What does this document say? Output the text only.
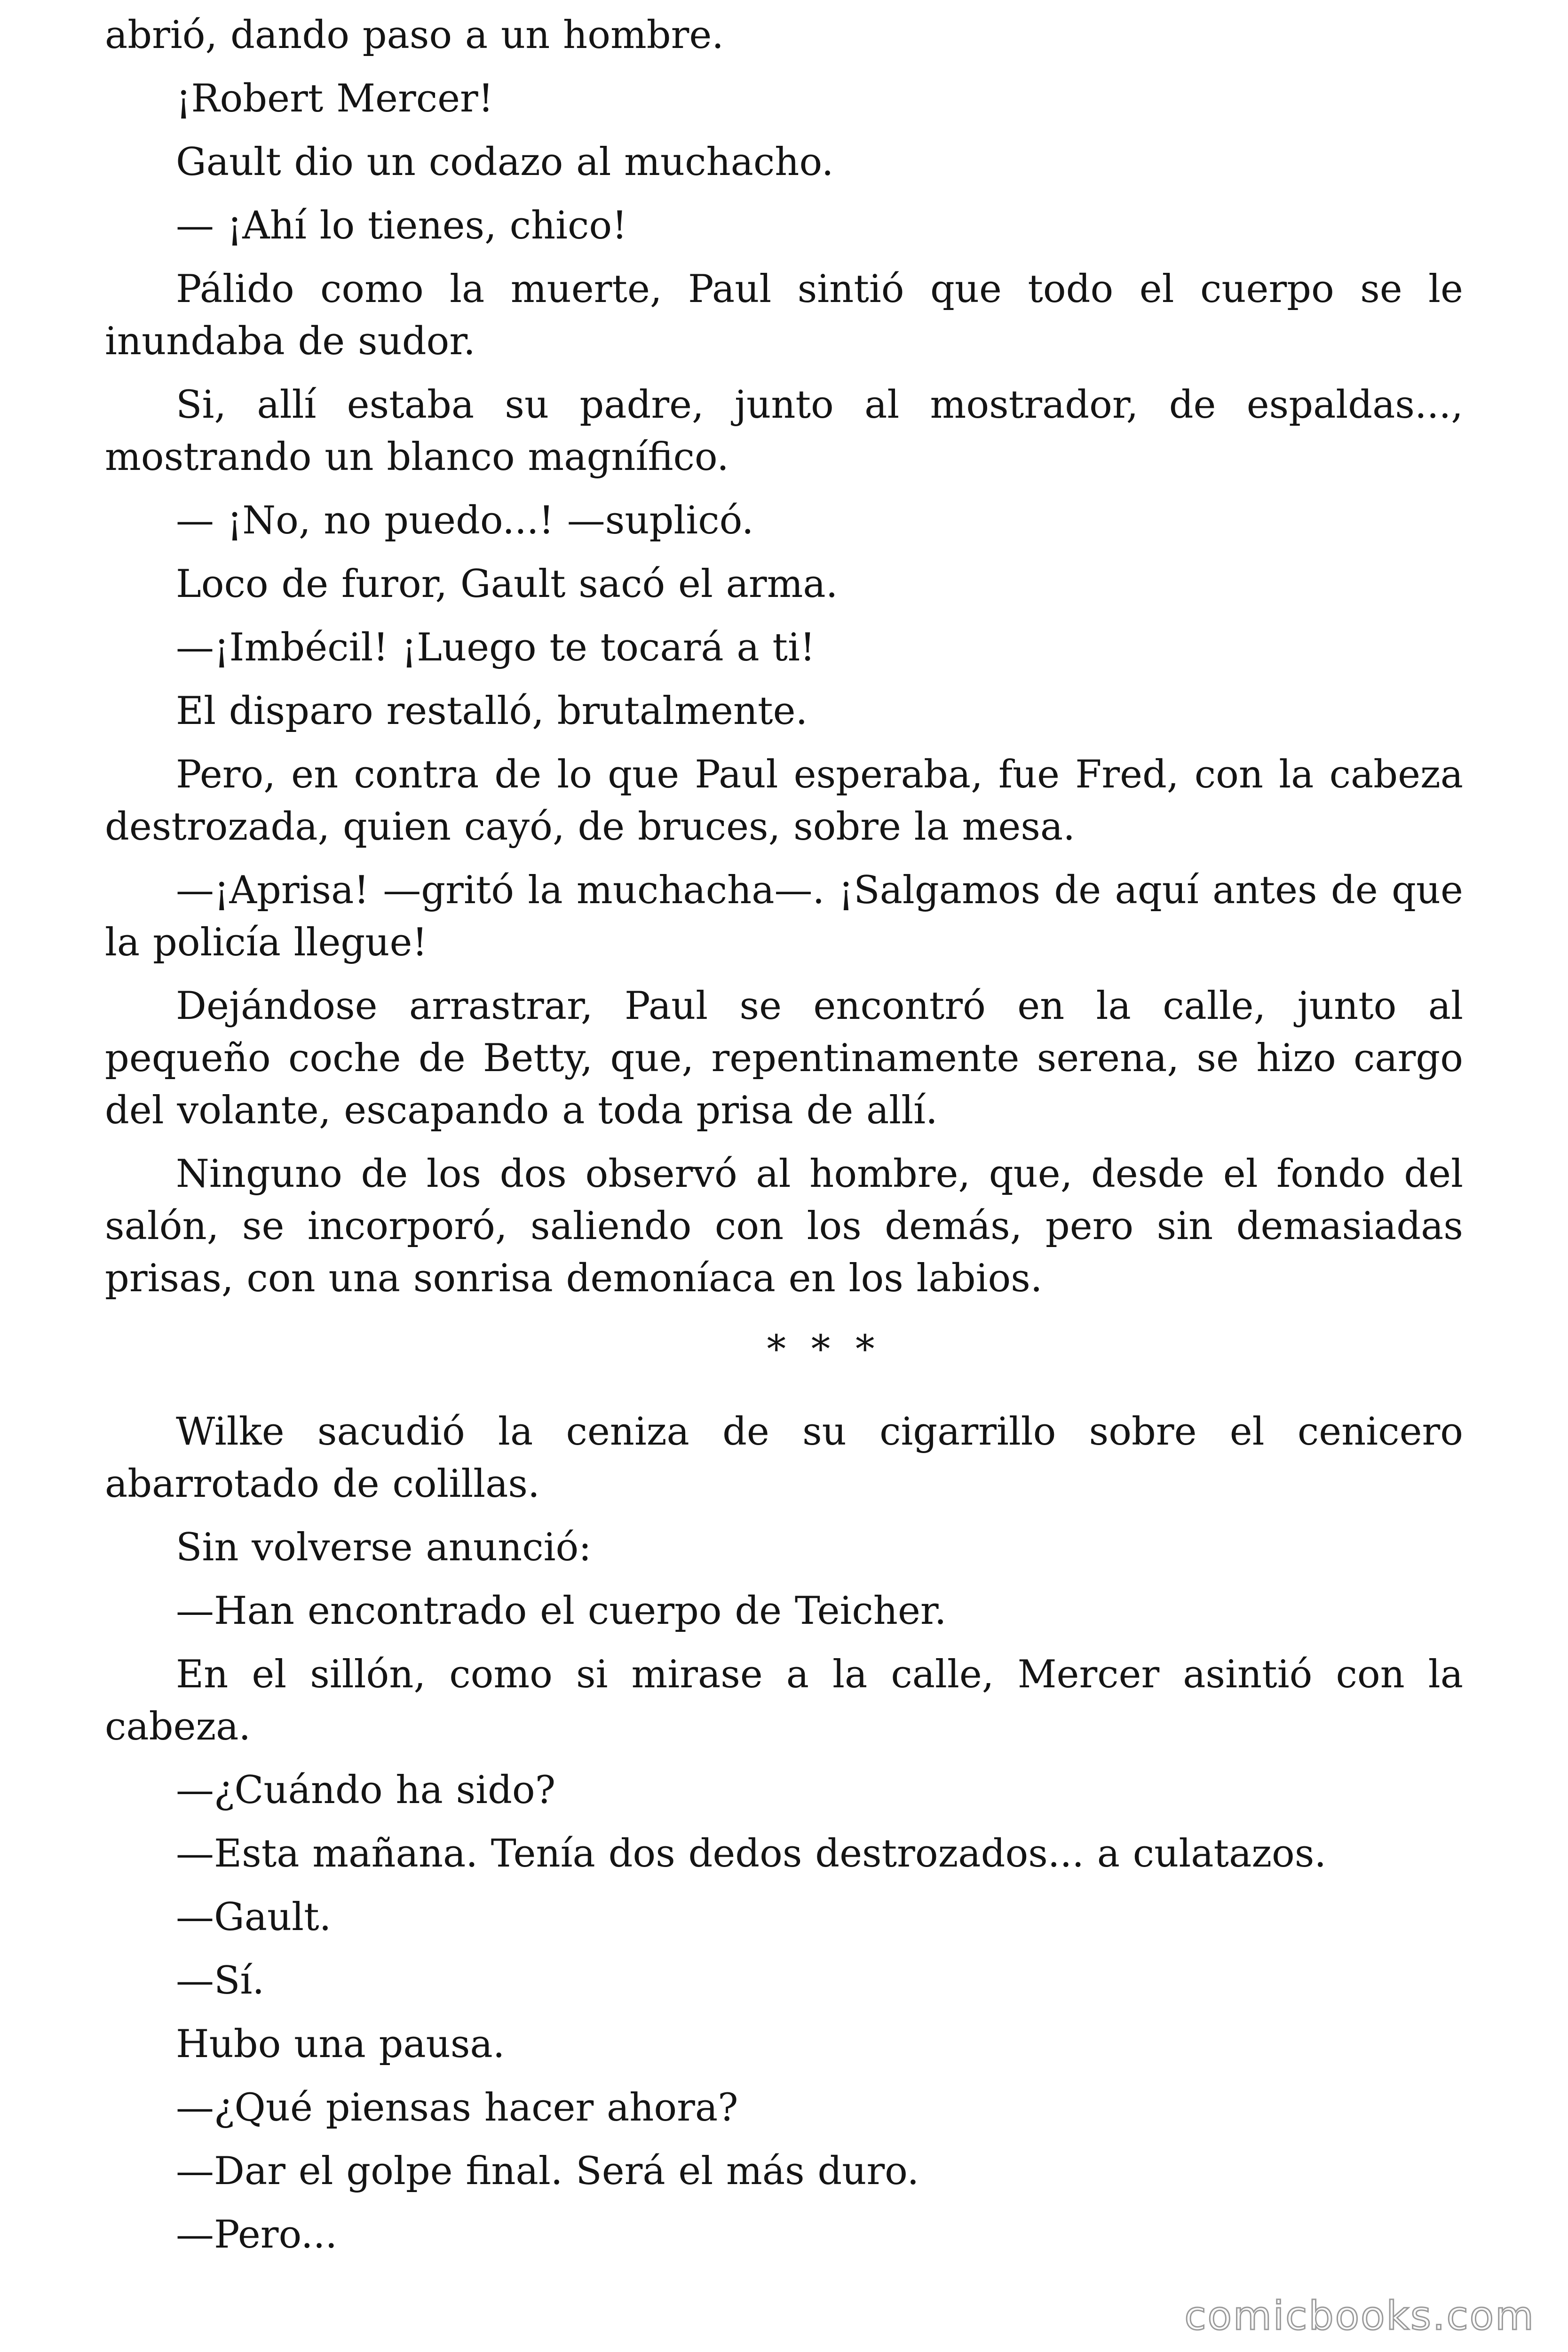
abrió, dando paso a un hombre.

¡Robert Mercer!

Gault dio un codazo al muchacho.

— ¡Ahí lo tienes, chico!

Pálido como la muerte, Paul sintió que todo el cuerpo se le inundaba de sudor.

Si, allí estaba su padre, junto al mostrador, de espaldas..., mostrando un blanco magnífico.

— ¡No, no puedo...! —suplicó.

Loco de furor, Gault sacó el arma.

—¡Imbécil! ¡Luego te tocará a ti!

El disparo restalló, brutalmente.

Pero, en contra de lo que Paul esperaba, fue Fred, con la cabeza destrozada, quien cayó, de bruces, sobre la mesa.

—¡Aprisa! —gritó la muchacha—. ¡Salgamos de aquí antes de que la policía llegue!

Dejándose arrastrar, Paul se encontró en la calle, junto al pequeño coche de Betty, que, repentinamente serena, se hizo cargo del volante, escapando a toda prisa de allí.

Ninguno de los dos observó al hombre, que, desde el fondo del salón, se incorporó, saliendo con los demás, pero sin demasiadas prisas, con una sonrisa demoníaca en los labios.

* * *

Wilke sacudió la ceniza de su cigarrillo sobre el cenicero abarrotado de colillas.

Sin volverse anunció:

—Han encontrado el cuerpo de Teicher.

En el sillón, como si mirase a la calle, Mercer asintió con la cabeza.

—¿Cuándo ha sido?

—Esta mañana. Tenía dos dedos destrozados... a culatazos.

—Gault.

—Sí.

Hubo una pausa.

—¿Qué piensas hacer ahora?

—Dar el golpe final. Será el más duro.

—Pero...

comicbooks.com
